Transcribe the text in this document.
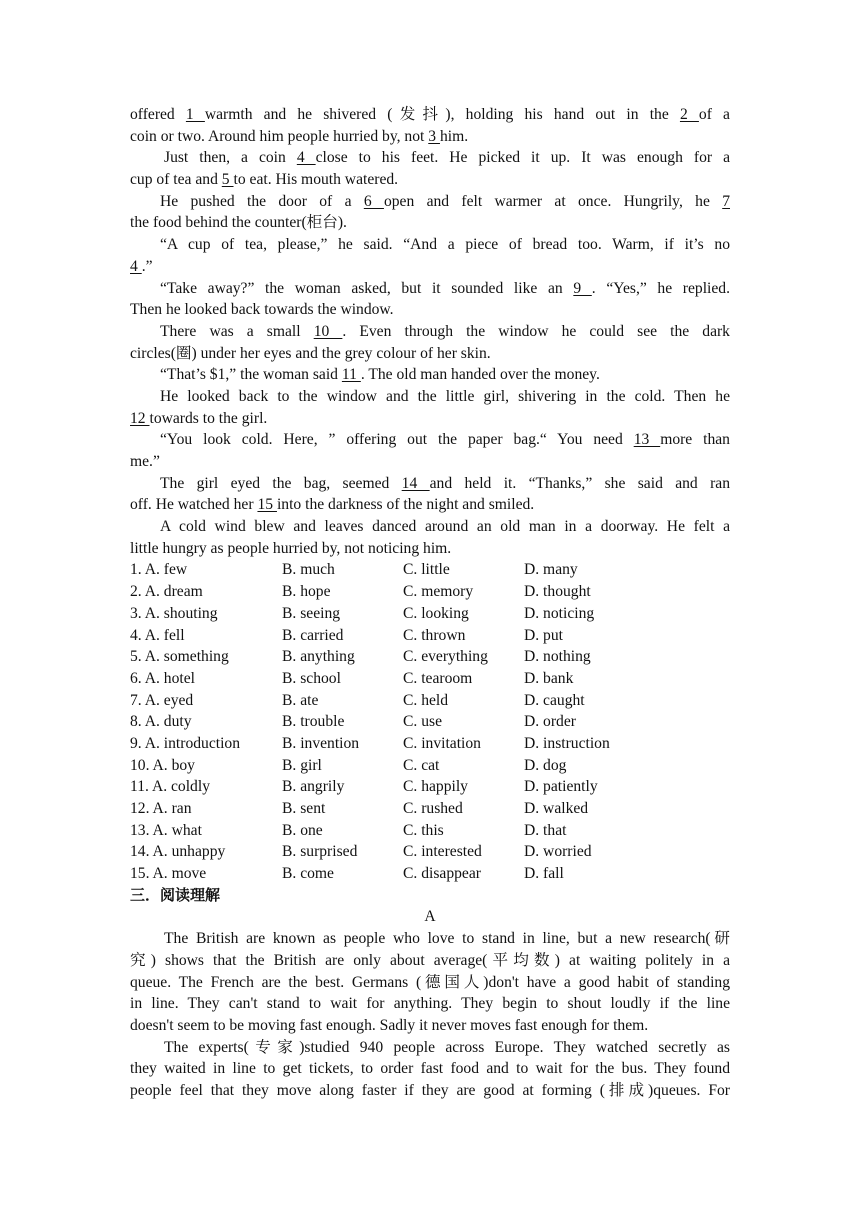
offered 1 warmth and he shivered (发抖), holding his hand out in the 2 of a
coin or two. Around him people hurried by, not 3 him.
Just then, a coin 4 close to his feet. He picked it up. It was enough for a
cup of tea and 5 to eat. His mouth watered.
He pushed the door of a 6 open and felt warmer at once. Hungrily, he 7
the food behind the counter(柜台).
“A cup of tea, please,” he said. “And a piece of bread too. Warm, if it’s no
4 .”
“Take away?” the woman asked, but it sounded like an 9 . “Yes,” he replied.
Then he looked back towards the window.
There was a small 10 . Even through the window he could see the dark
circles(圈) under her eyes and the grey colour of her skin.
“That’s $1,” the woman said 11 . The old man handed over the money.
He looked back to the window and the little girl, shivering in the cold. Then he
12 towards to the girl.
“You look cold. Here, ” offering out the paper bag.“ You need 13 more than
me.”
The girl eyed the bag, seemed 14 and held it. “Thanks,” she said and ran
off. He watched her 15 into the darkness of the night and smiled.
A cold wind blew and leaves danced around an old man in a doorway. He felt a
little hungry as people hurried by, not noticing him.
1. A. few	B. much	C. little	D. many
2. A. dream	B. hope	C. memory	D. thought
3. A. shouting	B. seeing	C. looking	D. noticing
4. A. fell	B. carried	C. thrown	D. put
5. A. something	B. anything	C. everything D. nothing
6. A. hotel	B. school	C. tearoom	D. bank
7. A. eyed	B. ate	C. held	D. caught
8. A. duty	B. trouble	C. use	D. order
9. A. introduction	B. invention	C. invitation	D. instruction
10. A. boy	B. girl	C. cat	D. dog
11. A. coldly	B. angrily	C. happily	D. patiently
12. A. ran	B. sent	C. rushed	D. walked
13. A. what	B. one	C. this	D. that
14. A. unhappy	B. surprised	C. interested	D. worried
15. A. move	B. come	C. disappear	D. fall
三．阅读理解
A
The British are known as people who love to stand in line, but a new research(研
究) shows that the British are only about average(平均数) at waiting politely in a
queue. The French are the best. Germans (德国人)don't have a good habit of standing
in line. They can't stand to wait for anything. They begin to shout loudly if the line
doesn't seem to be moving fast enough. Sadly it never moves fast enough for them.
The experts(专家)studied 940 people across Europe. They watched secretly as
they waited in line to get tickets, to order fast food and to wait for the bus. They found
people feel that they move along faster if they are good at forming (排成)queues. For
